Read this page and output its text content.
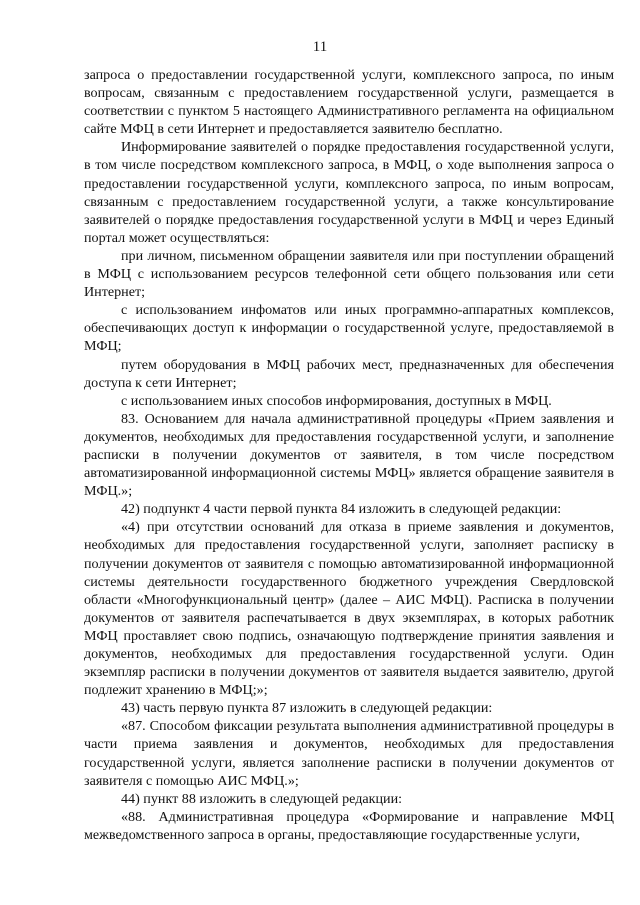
11

запроса о предоставлении государственной услуги, комплексного запроса, по иным вопросам, связанным с предоставлением государственной услуги, размещается в соответствии с пунктом 5 настоящего Административного регламента на официальном сайте МФЦ в сети Интернет и предоставляется заявителю бесплатно.

Информирование заявителей о порядке предоставления государственной услуги, в том числе посредством комплексного запроса, в МФЦ, о ходе выполнения запроса о предоставлении государственной услуги, комплексного запроса, по иным вопросам, связанным с предоставлением государственной услуги, а также консультирование заявителей о порядке предоставления государственной услуги в МФЦ и через Единый портал может осуществляться:

при личном, письменном обращении заявителя или при поступлении обращений в МФЦ с использованием ресурсов телефонной сети общего пользования или сети Интернет;

с использованием инфоматов или иных программно-аппаратных комплексов, обеспечивающих доступ к информации о государственной услуге, предоставляемой в МФЦ;

путем оборудования в МФЦ рабочих мест, предназначенных для обеспечения доступа к сети Интернет;

с использованием иных способов информирования, доступных в МФЦ.

83. Основанием для начала административной процедуры «Прием заявления и документов, необходимых для предоставления государственной услуги, и заполнение расписки в получении документов от заявителя, в том числе посредством автоматизированной информационной системы МФЦ» является обращение заявителя в МФЦ.»;

42) подпункт 4 части первой пункта 84 изложить в следующей редакции:

«4) при отсутствии оснований для отказа в приеме заявления и документов, необходимых для предоставления государственной услуги, заполняет расписку в получении документов от заявителя с помощью автоматизированной информационной системы деятельности государственного бюджетного учреждения Свердловской области «Многофункциональный центр» (далее – АИС МФЦ). Расписка в получении документов от заявителя распечатывается в двух экземплярах, в которых работник МФЦ проставляет свою подпись, означающую подтверждение принятия заявления и документов, необходимых для предоставления государственной услуги. Один экземпляр расписки в получении документов от заявителя выдается заявителю, другой подлежит хранению в МФЦ;»;

43) часть первую пункта 87 изложить в следующей редакции:

«87. Способом фиксации результата выполнения административной процедуры в части приема заявления и документов, необходимых для предоставления государственной услуги, является заполнение расписки в получении документов от заявителя с помощью АИС МФЦ.»;

44) пункт 88 изложить в следующей редакции:

«88. Административная процедура «Формирование и направление МФЦ межведомственного запроса в органы, предоставляющие государственные услуги,
